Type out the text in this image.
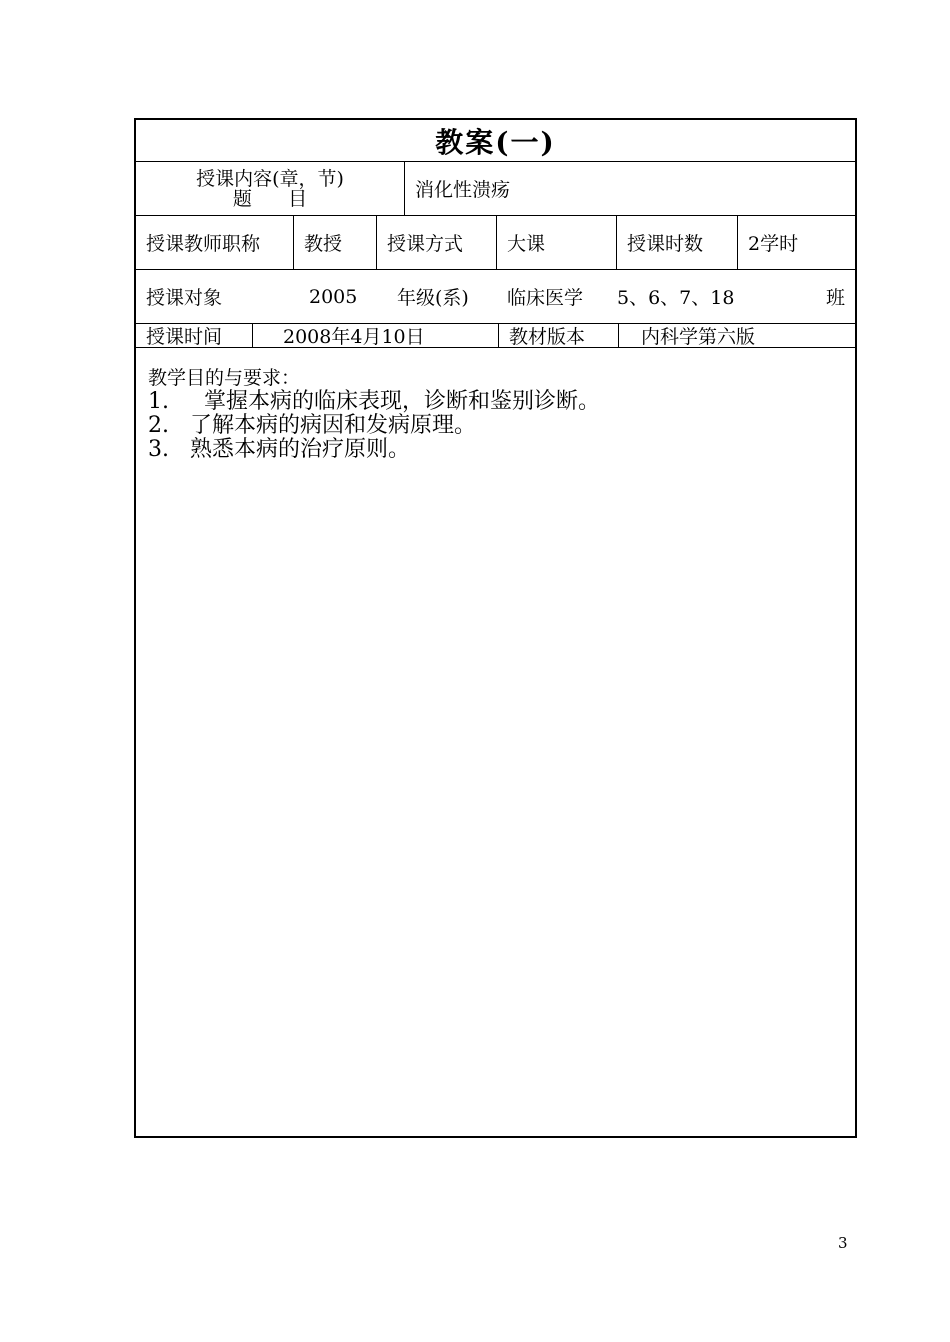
教案(一)
授课内容(章，节)
题      目	消化性溃疡
授课教师职称	教授	授课方式	大课	授课时数	2学时
授课对象	2005	年级(系)	临床医学	5、6、7、18	班
授课时间	2008年4月10日	教材版本	内科学第六版
教学目的与要求：
1.     掌握本病的临床表现，诊断和鉴别诊断。
2.   了解本病的病因和发病原理。
3.   熟悉本病的治疗原则。
3
